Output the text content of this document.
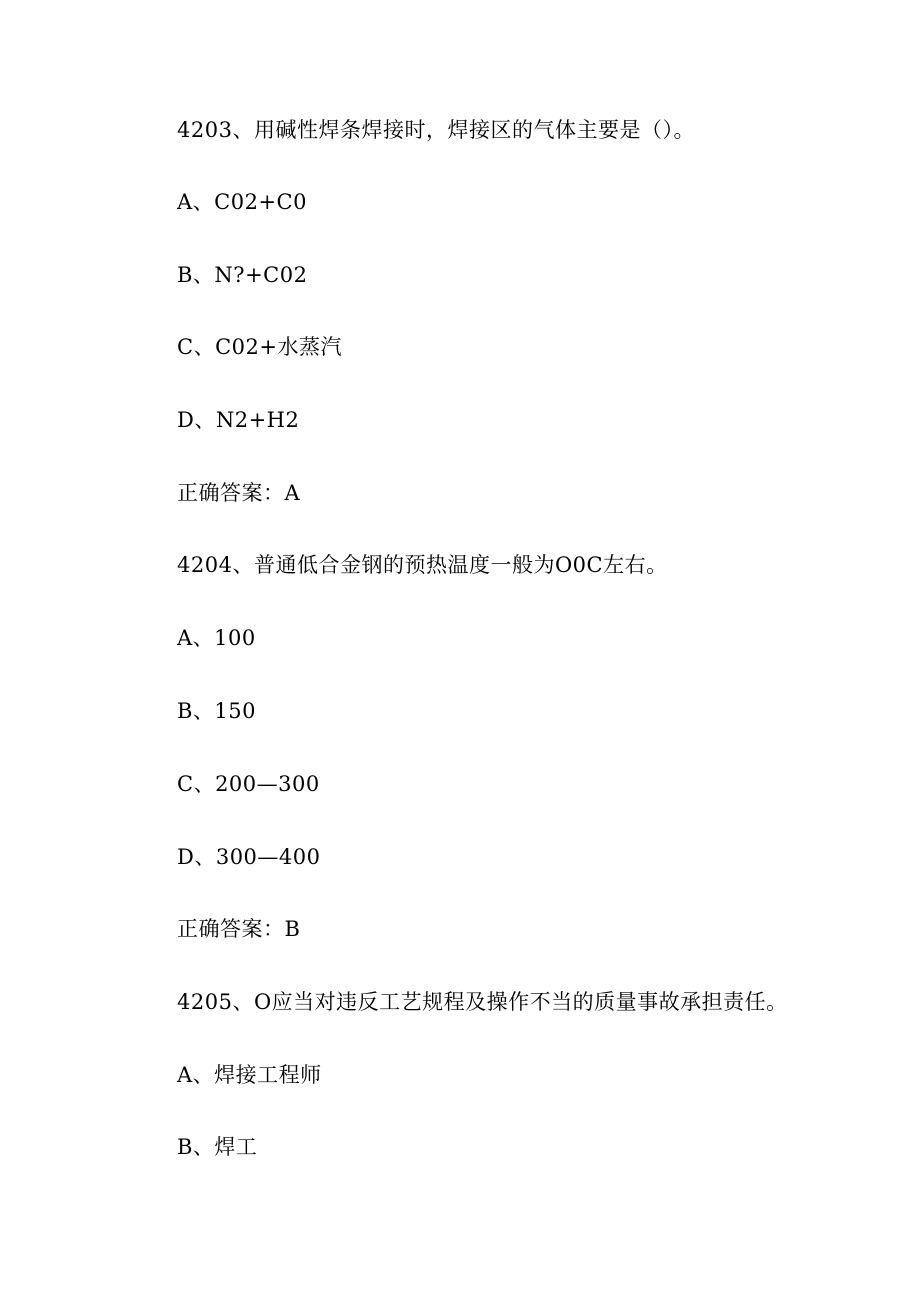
4203、用碱性焊条焊接时，焊接区的气体主要是（）。
A、C02+C0
B、N?+C02
C、C02+水蒸汽
D、N2+H2
正确答案：A
4204、普通低合金钢的预热温度一般为O0C左右。
A、100
B、150
C、200—300
D、300—400
正确答案：B
4205、O应当对违反工艺规程及操作不当的质量事故承担责任。
A、焊接工程师
B、焊工
